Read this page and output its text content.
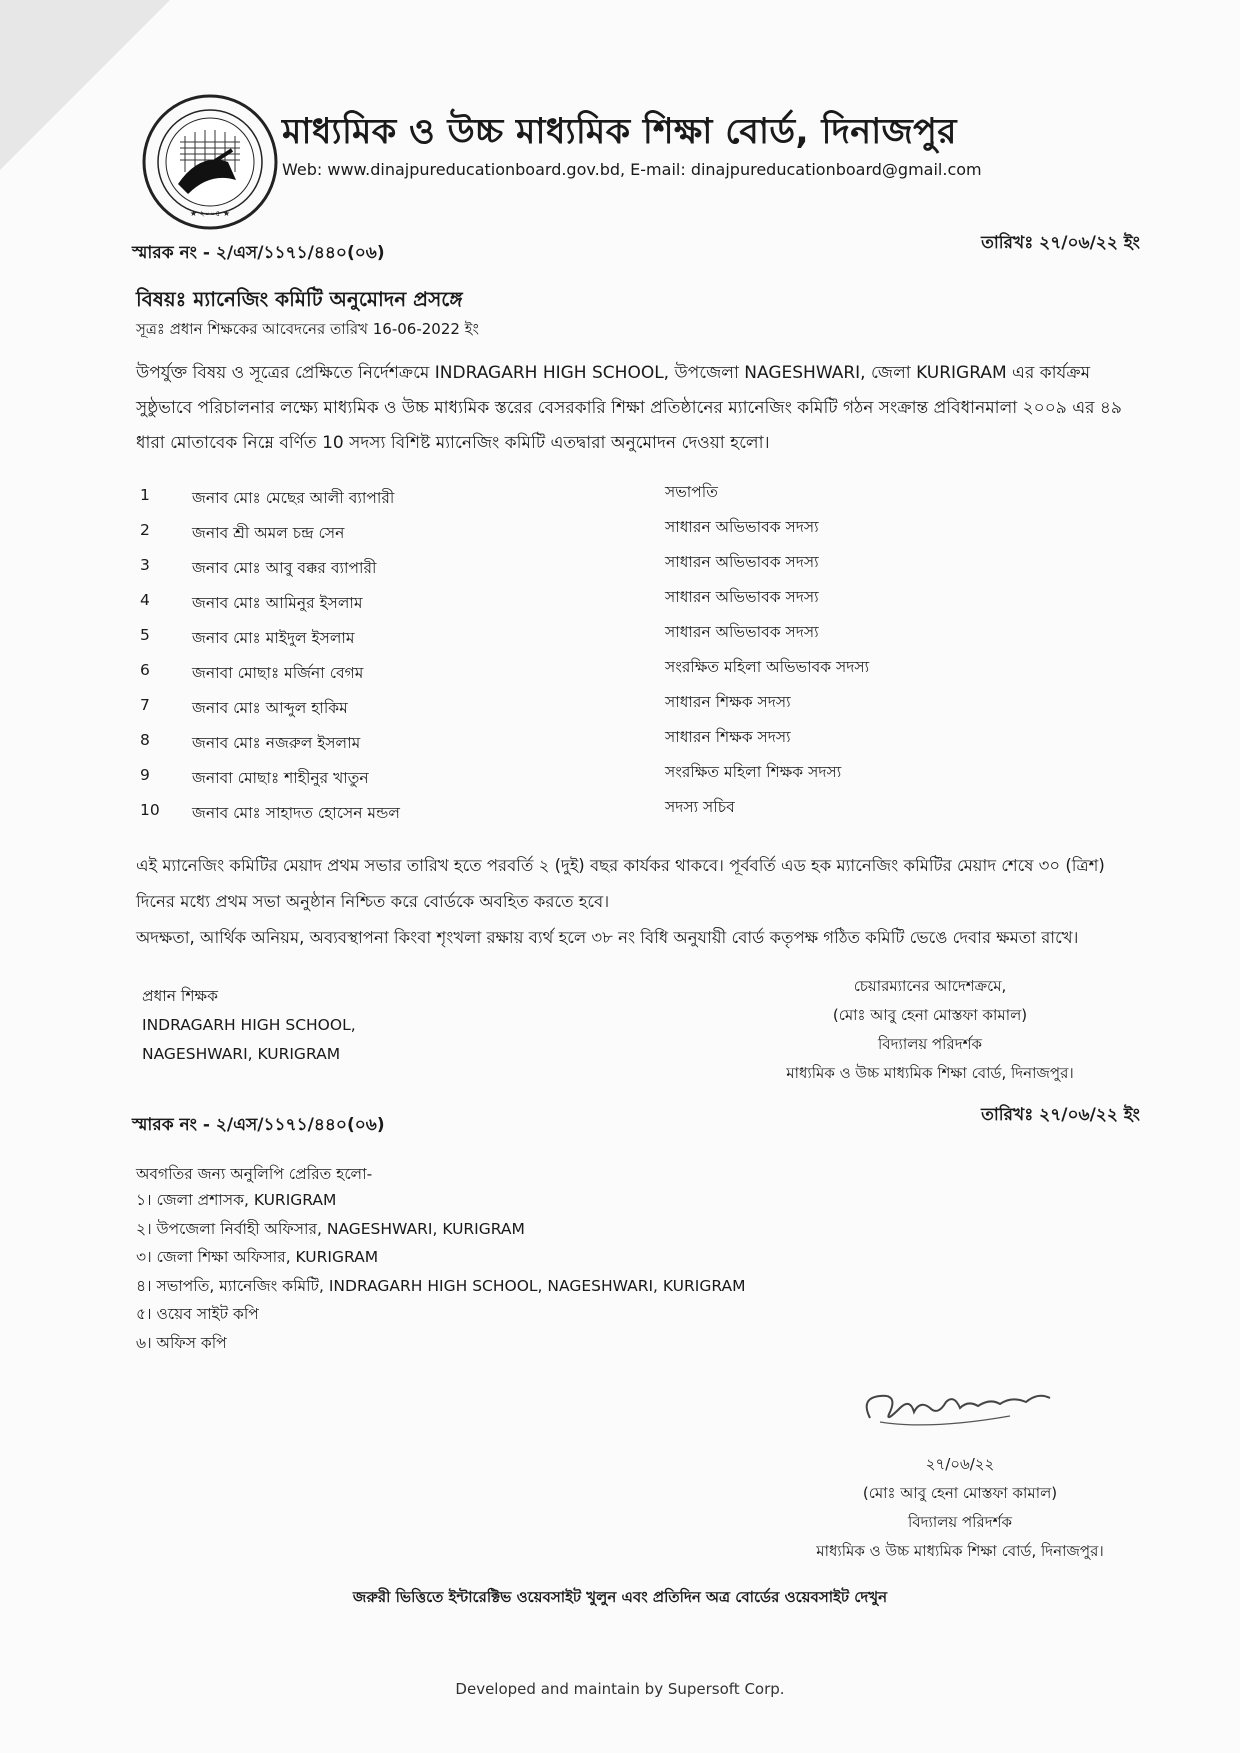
★ ২০০৫ ★
মাধ্যমিক ও উচ্চ মাধ্যমিক শিক্ষা বোর্ড, দিনাজপুর
Web: www.dinajpureducationboard.gov.bd, E-mail: dinajpureducationboard@gmail.com
স্মারক নং - ২/এস/১১৭১/৪৪০(০৬)	তারিখঃ ২৭/০৬/২২ ইং
বিষয়ঃ ম্যানেজিং কমিটি অনুমোদন প্রসঙ্গে
সূত্রঃ প্রধান শিক্ষকের আবেদনের তারিখ 16-06-2022 ইং
উপর্যুক্ত বিষয় ও সূত্রের প্রেক্ষিতে নির্দেশক্রমে INDRAGARH HIGH SCHOOL, উপজেলা NAGESHWARI, জেলা KURIGRAM এর কার্যক্রম সুষ্ঠুভাবে পরিচালনার লক্ষ্যে মাধ্যমিক ও উচ্চ মাধ্যমিক স্তরের বেসরকারি শিক্ষা প্রতিষ্ঠানের ম্যানেজিং কমিটি গঠন সংক্রান্ত প্রবিধানমালা ২০০৯ এর ৪৯ ধারা মোতাবেক নিম্নে বর্ণিত 10 সদস্য বিশিষ্ট ম্যানেজিং কমিটি এতদ্বারা অনুমোদন দেওয়া হলো।
1	জনাব মোঃ মেছের আলী ব্যাপারী	সভাপতি
2	জনাব শ্রী অমল চন্দ্র সেন	সাধারন অভিভাবক সদস্য
3	জনাব মোঃ আবু বক্কর ব্যাপারী	সাধারন অভিভাবক সদস্য
4	জনাব মোঃ আমিনুর ইসলাম	সাধারন অভিভাবক সদস্য
5	জনাব মোঃ মাইদুল ইসলাম	সাধারন অভিভাবক সদস্য
6	জনাবা মোছাঃ মর্জিনা বেগম	সংরক্ষিত মহিলা অভিভাবক সদস্য
7	জনাব মোঃ আব্দুল হাকিম	সাধারন শিক্ষক সদস্য
8	জনাব মোঃ নজরুল ইসলাম	সাধারন শিক্ষক সদস্য
9	জনাবা মোছাঃ শাহীনুর খাতুন	সংরক্ষিত মহিলা শিক্ষক সদস্য
10	জনাব মোঃ সাহাদত হোসেন মন্ডল	সদস্য সচিব

এই ম্যানেজিং কমিটির মেয়াদ প্রথম সভার তারিখ হতে পরবর্তি ২ (দুই) বছর কার্যকর থাকবে। পূর্ববর্তি এড হক ম্যানেজিং কমিটির মেয়াদ শেষে ৩০ (ত্রিশ) দিনের মধ্যে প্রথম সভা অনুষ্ঠান নিশ্চিত করে বোর্ডকে অবহিত করতে হবে।

অদক্ষতা, আর্থিক অনিয়ম, অব্যবস্থাপনা কিংবা শৃংখলা রক্ষায় ব্যর্থ হলে ৩৮ নং বিধি অনুযায়ী বোর্ড কতৃপক্ষ গঠিত কমিটি ভেঙে দেবার ক্ষমতা রাখে।

প্রধান শিক্ষক
INDRAGARH HIGH SCHOOL,
NAGESHWARI, KURIGRAM
চেয়ারম্যানের আদেশক্রমে,
(মোঃ আবু হেনা মোস্তফা কামাল)
বিদ্যালয় পরিদর্শক
মাধ্যমিক ও উচ্চ মাধ্যমিক শিক্ষা বোর্ড, দিনাজপুর।
স্মারক নং - ২/এস/১১৭১/৪৪০(০৬)	তারিখঃ ২৭/০৬/২২ ইং
অবগতির জন্য অনুলিপি প্রেরিত হলো-
১। জেলা প্রশাসক, KURIGRAM
২। উপজেলা নির্বাহী অফিসার, NAGESHWARI, KURIGRAM
৩। জেলা শিক্ষা অফিসার, KURIGRAM
৪। সভাপতি, ম্যানেজিং কমিটি, INDRAGARH HIGH SCHOOL, NAGESHWARI, KURIGRAM
৫। ওয়েব সাইট কপি
৬। অফিস কপি
২৭/০৬/২২
(মোঃ আবু হেনা মোস্তফা কামাল)
বিদ্যালয় পরিদর্শক
মাধ্যমিক ও উচ্চ মাধ্যমিক শিক্ষা বোর্ড, দিনাজপুর।
জরুরী ভিত্তিতে ইন্টারেক্টিভ ওয়েবসাইট খুলুন এবং প্রতিদিন অত্র বোর্ডের ওয়েবসাইট দেখুন
Developed and maintain by Supersoft Corp.
